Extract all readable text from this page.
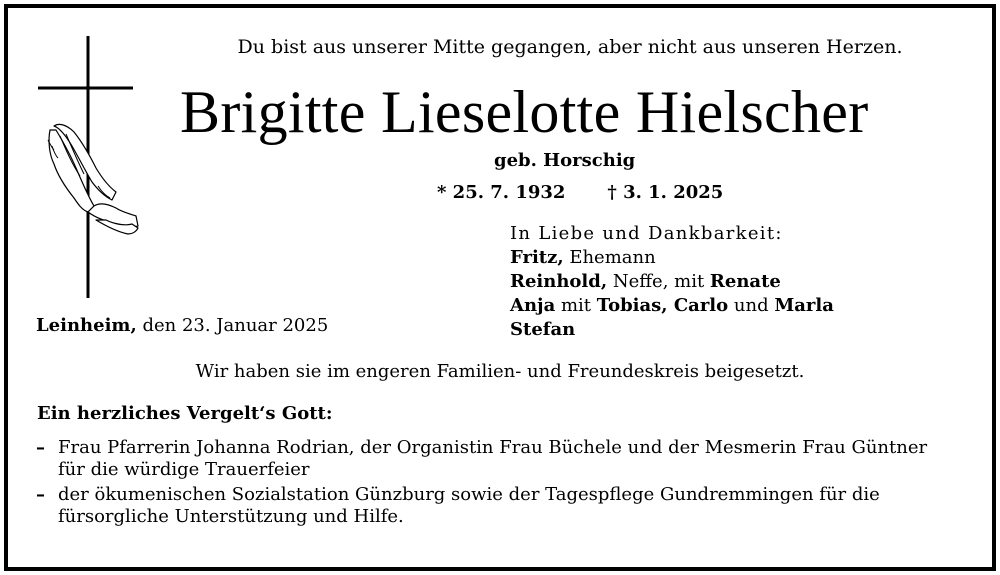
Du bist aus unserer Mitte gegangen, aber nicht aus unseren Herzen.
Brigitte Lieselotte Hielscher
geb. Horschig
* 25. 7. 1932 † 3. 1. 2025
In Liebe und Dankbarkeit:
Fritz, Ehemann
Reinhold, Neffe, mit Renate
Anja mit Tobias, Carlo und Marla
Stefan
Leinheim, den 23. Januar 2025
Wir haben sie im engeren Familien- und Freundeskreis beigesetzt.
Ein herzliches Vergelt‘s Gott:
– Frau Pfarrerin Johanna Rodrian, der Organistin Frau Büchele und der Mesmerin Frau Güntner für die würdige Trauerfeier
– der ökumenischen Sozialstation Günzburg sowie der Tagespflege Gundremmingen für die fürsorgliche Unterstützung und Hilfe.
